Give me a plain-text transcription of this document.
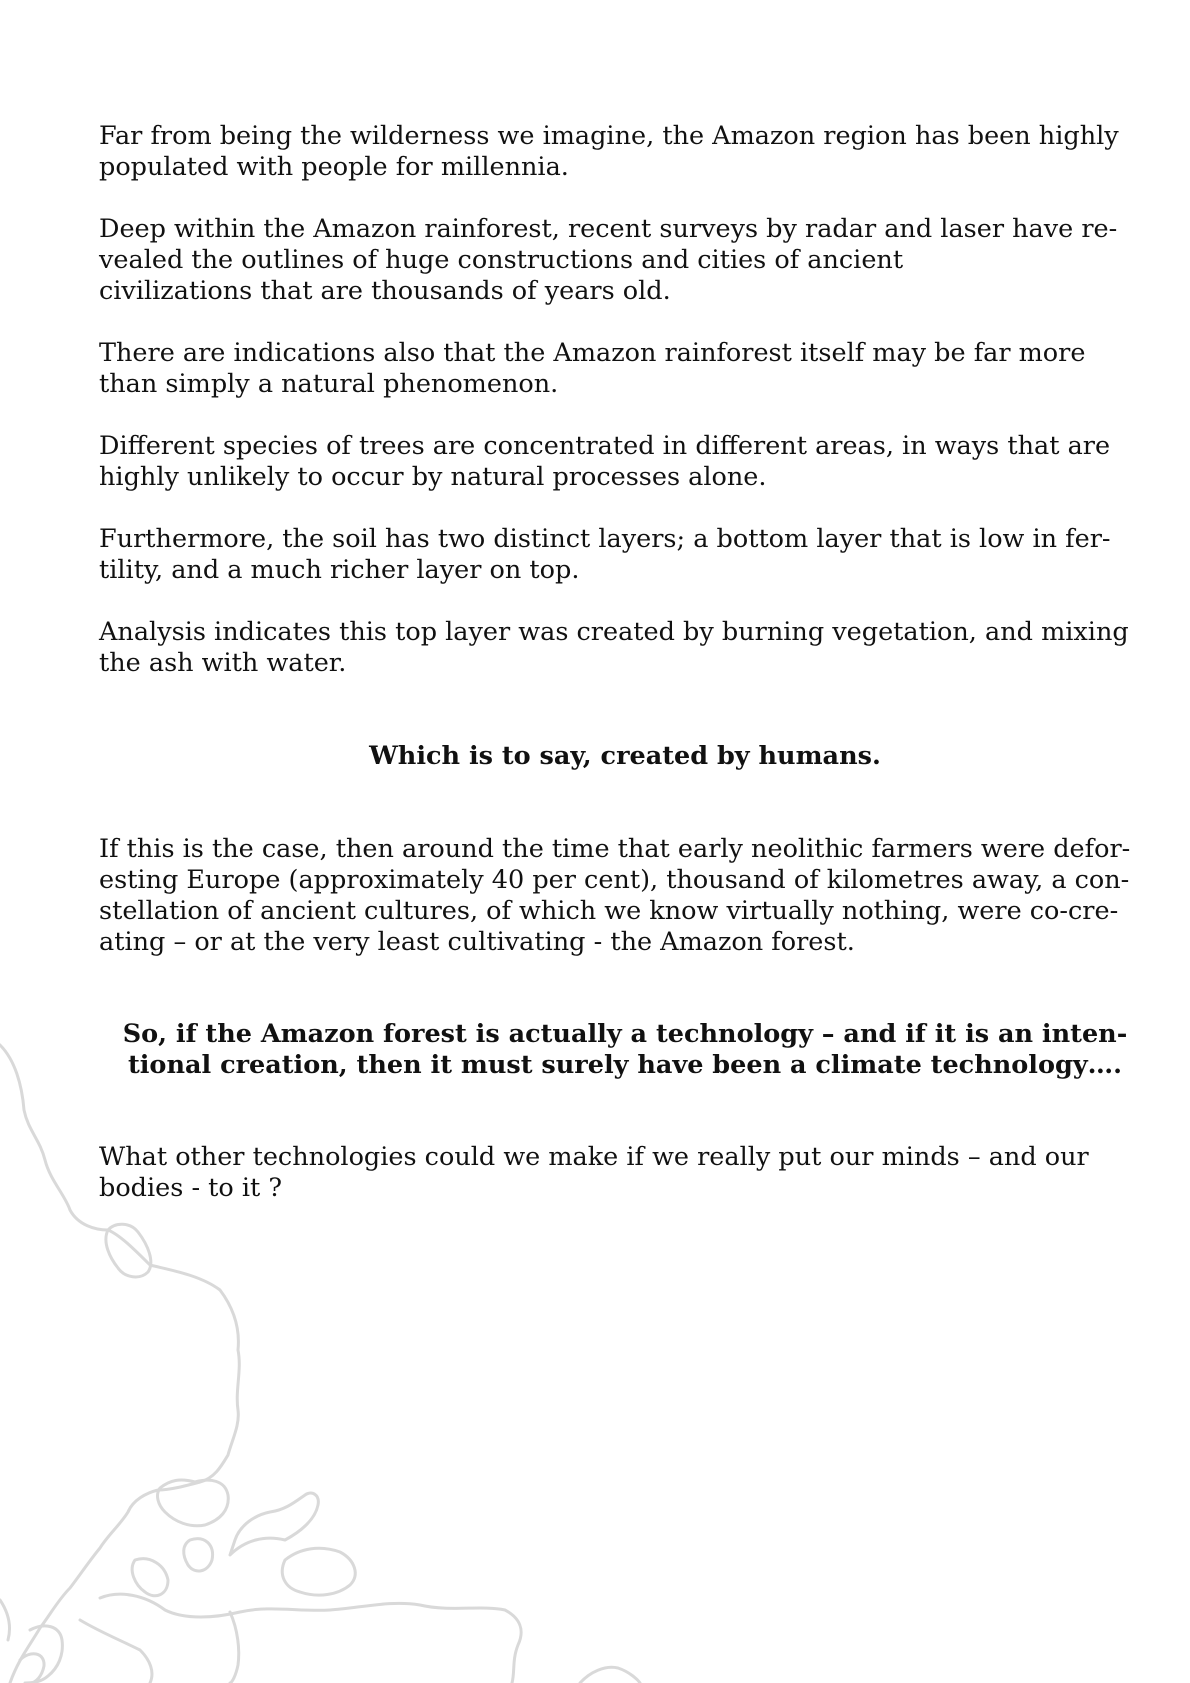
Far from being the wilderness we imagine, the Amazon region has been highly
populated with people for millennia.

Deep within the Amazon rainforest, recent surveys by radar and laser have re-
vealed the outlines of huge constructions and cities of ancient
civilizations that are thousands of years old.

There are indications also that the Amazon rainforest itself may be far more
than simply a natural phenomenon.

Different species of trees are concentrated in different areas, in ways that are
highly unlikely to occur by natural processes alone.

Furthermore, the soil has two distinct layers; a bottom layer that is low in fer-
tility, and a much richer layer on top.

Analysis indicates this top layer was created by burning vegetation, and mixing
the ash with water.

Which is to say, created by humans.

If this is the case, then around the time that early neolithic farmers were defor-
esting Europe (approximately 40 per cent), thousand of kilometres away, a con-
stellation of ancient cultures, of which we know virtually nothing, were co-cre-
ating – or at the very least cultivating - the Amazon forest.

So, if the Amazon forest is actually a technology – and if it is an inten-
tional creation, then it must surely have been a climate technology….

What other technologies could we make if we really put our minds – and our
bodies - to it ?
